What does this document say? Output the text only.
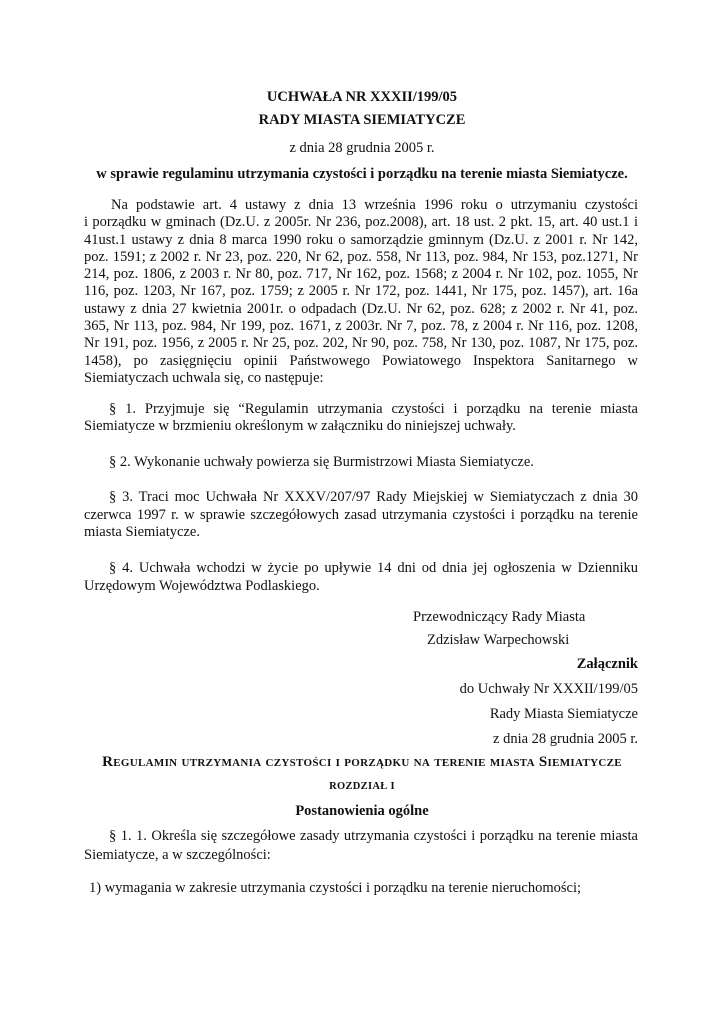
UCHWAŁA NR XXXII/199/05
RADY MIASTA SIEMIATYCZE
z dnia 28 grudnia 2005 r.
w sprawie regulaminu utrzymania czystości i porządku na terenie miasta Siemiatycze.
Na podstawie art. 4 ustawy z dnia 13 września 1996 roku o utrzymaniu czystości
i porządku w gminach (Dz.U. z 2005r. Nr 236, poz.2008), art. 18 ust. 2 pkt. 15, art. 40 ust.1 i
41ust.1 ustawy z dnia 8 marca 1990 roku o samorządzie gminnym (Dz.U. z 2001 r. Nr 142,
poz. 1591; z 2002 r. Nr 23, poz. 220, Nr 62, poz. 558, Nr 113, poz. 984, Nr 153, poz.1271, Nr
214, poz. 1806, z 2003 r. Nr 80, poz. 717, Nr 162, poz. 1568; z 2004 r. Nr 102, poz. 1055, Nr
116, poz. 1203, Nr 167, poz. 1759; z 2005 r. Nr 172, poz. 1441, Nr 175, poz. 1457), art. 16a
ustawy z dnia 27 kwietnia 2001r. o odpadach (Dz.U. Nr 62, poz. 628; z 2002 r. Nr 41, poz.
365, Nr 113, poz. 984, Nr 199, poz. 1671, z 2003r. Nr 7, poz. 78, z 2004 r. Nr 116, poz. 1208,
Nr 191, poz. 1956, z 2005 r. Nr 25, poz. 202, Nr 90, poz. 758, Nr 130, poz. 1087, Nr 175, poz.
1458), po zasięgnięciu opinii Państwowego Powiatowego Inspektora Sanitarnego w
Siemiatyczach uchwala się, co następuje:
§ 1. Przyjmuje się “Regulamin utrzymania czystości i porządku na terenie miasta
Siemiatycze w brzmieniu określonym w załączniku do niniejszej uchwały.
§ 2. Wykonanie uchwały powierza się Burmistrzowi Miasta Siemiatycze.
§ 3. Traci moc Uchwała Nr XXXV/207/97 Rady Miejskiej w Siemiatyczach z dnia 30
czerwca 1997 r. w sprawie szczegółowych zasad utrzymania czystości i porządku na terenie
miasta Siemiatycze.
§ 4. Uchwała wchodzi w życie po upływie 14 dni od dnia jej ogłoszenia w Dzienniku
Urzędowym Województwa Podlaskiego.
Przewodniczący Rady Miasta
Zdzisław Warpechowski
Załącznik
do Uchwały Nr XXXII/199/05
Rady Miasta Siemiatycze
z dnia 28 grudnia 2005 r.
Regulamin utrzymania czystości i porządku na terenie miasta Siemiatycze
ROZDZIAŁ I
Postanowienia ogólne
§ 1. 1. Określa się szczegółowe zasady utrzymania czystości i porządku na terenie miasta
Siemiatycze, a w szczególności:
1) wymagania w zakresie utrzymania czystości i porządku na terenie nieruchomości;
